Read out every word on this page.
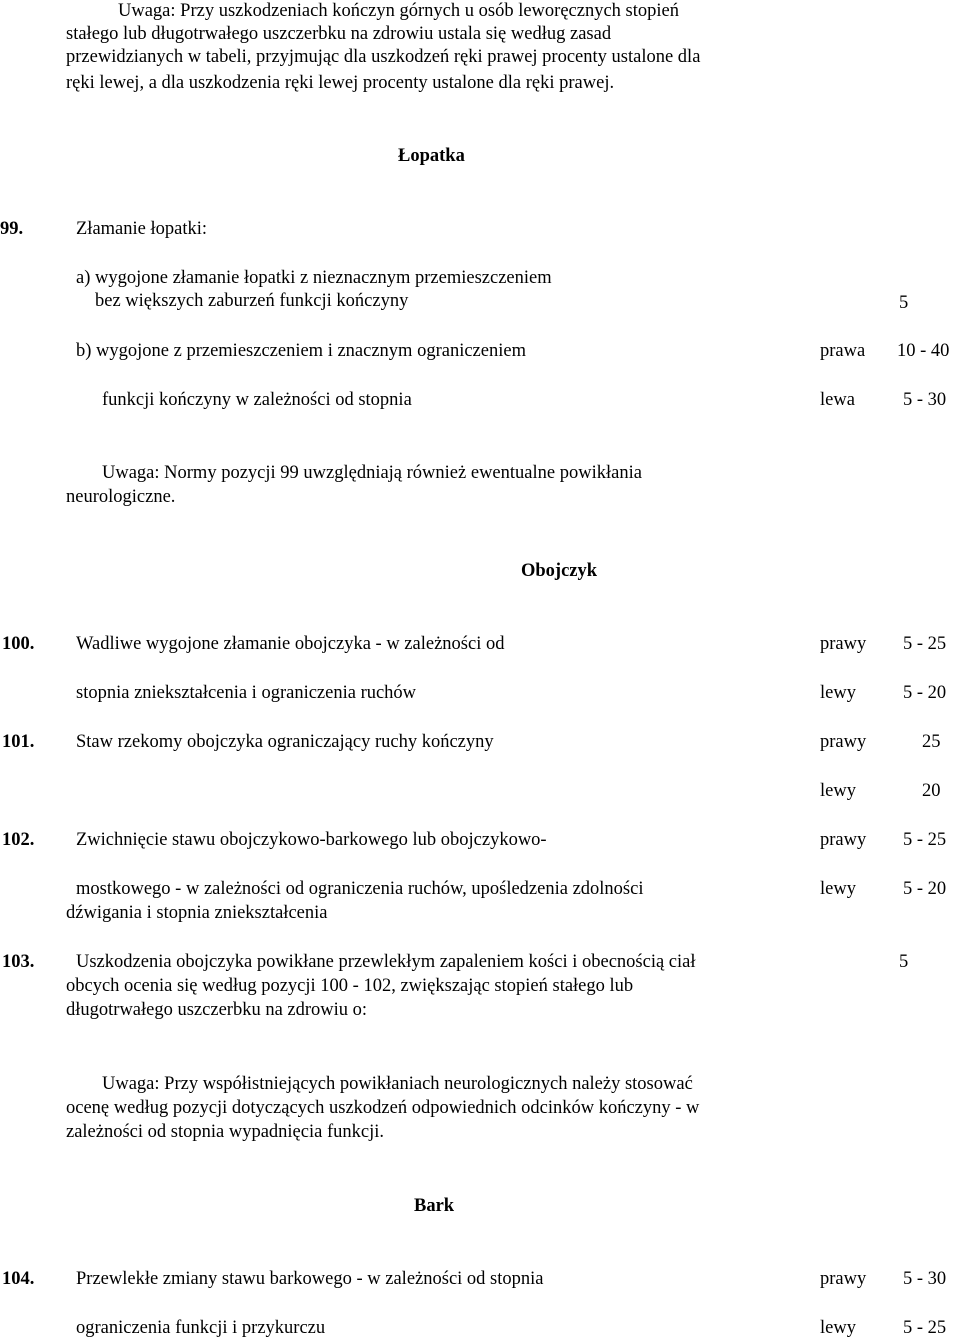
Uwaga: Przy uszkodzeniach kończyn górnych u osób leworęcznych stopień
stałego lub długotrwałego uszczerbku na zdrowiu ustala się według zasad
przewidzianych w tabeli, przyjmując dla uszkodzeń ręki prawej procenty ustalone dla
ręki lewej, a dla uszkodzenia ręki lewej procenty ustalone dla ręki prawej.
Łopatka
99.	Złamanie łopatki:
a) wygojone złamanie łopatki z nieznacznym przemieszczeniem
bez większych zaburzeń funkcji kończyny	5
b) wygojone z przemieszczeniem i znacznym ograniczeniem	prawa 10 - 40
funkcji kończyny w zależności od stopnia	lewa	5 - 30
Uwaga: Normy pozycji 99 uwzględniają również ewentualne powikłania
neurologiczne.
Obojczyk
100. Wadliwe wygojone złamanie obojczyka - w zależności od	prawy 5 - 25
stopnia zniekształcenia i ograniczenia ruchów	lewy	5 - 20
101. Staw rzekomy obojczyka ograniczający ruchy kończyny	prawy	25
lewy	20
102. Zwichnięcie stawu obojczykowo-barkowego lub obojczykowo-	prawy 5 - 25
mostkowego - w zależności od ograniczenia ruchów, upośledzenia zdolności	lewy	5 - 20
dźwigania i stopnia zniekształcenia
103. Uszkodzenia obojczyka powikłane przewlekłym zapaleniem kości i obecnością ciał	5
obcych ocenia się według pozycji 100 - 102, zwiększając stopień stałego lub
długotrwałego uszczerbku na zdrowiu o:
Uwaga: Przy współistniejących powikłaniach neurologicznych należy stosować
ocenę według pozycji dotyczących uszkodzeń odpowiednich odcinków kończyny - w
zależności od stopnia wypadnięcia funkcji.
Bark
104. Przewlekłe zmiany stawu barkowego - w zależności od stopnia	prawy 5 - 30
ograniczenia funkcji i przykurczu	lewy	5 - 25
